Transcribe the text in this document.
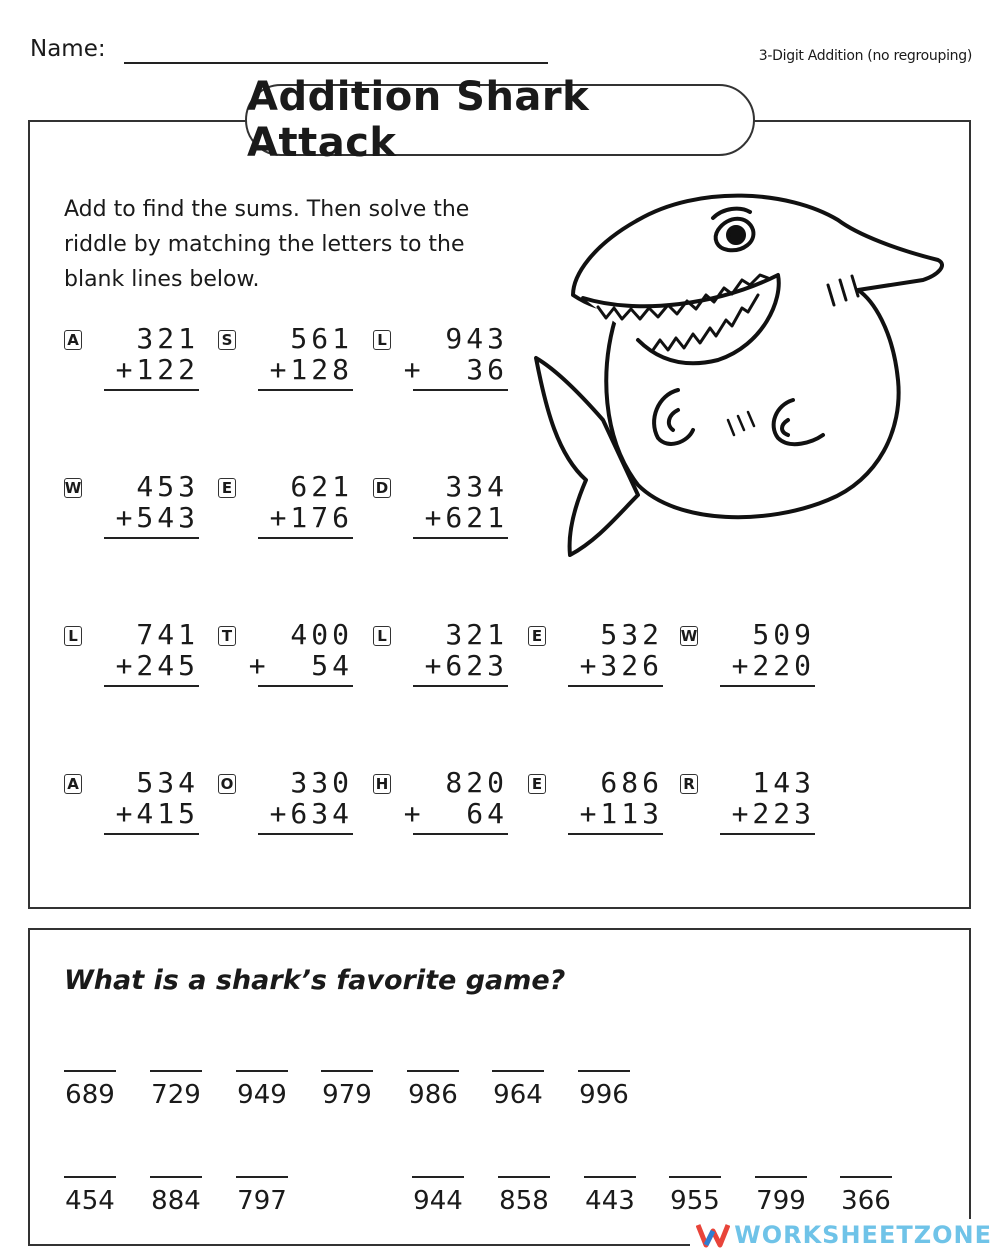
Name:	3-Digit Addition (no regrouping)
Addition Shark Attack
Add to find the sums. Then solve the riddle by matching the letters to the blank lines below.
A 321
+122
S 561
+128
L 943
+  36
W 453
+543
E 621
+176
D 334
+621
L 741
+245
T 400
+  54
L 321
+623
E 532
+326
W 509
+220
A 534
+415
O 330
+634
H 820
+  64
E 686
+113
R 143
+223
What is a shark’s favorite game?
689 729 949 979 986 964 996
454 884 797	944 858 443 955 799 366
WORKSHEETZONE
